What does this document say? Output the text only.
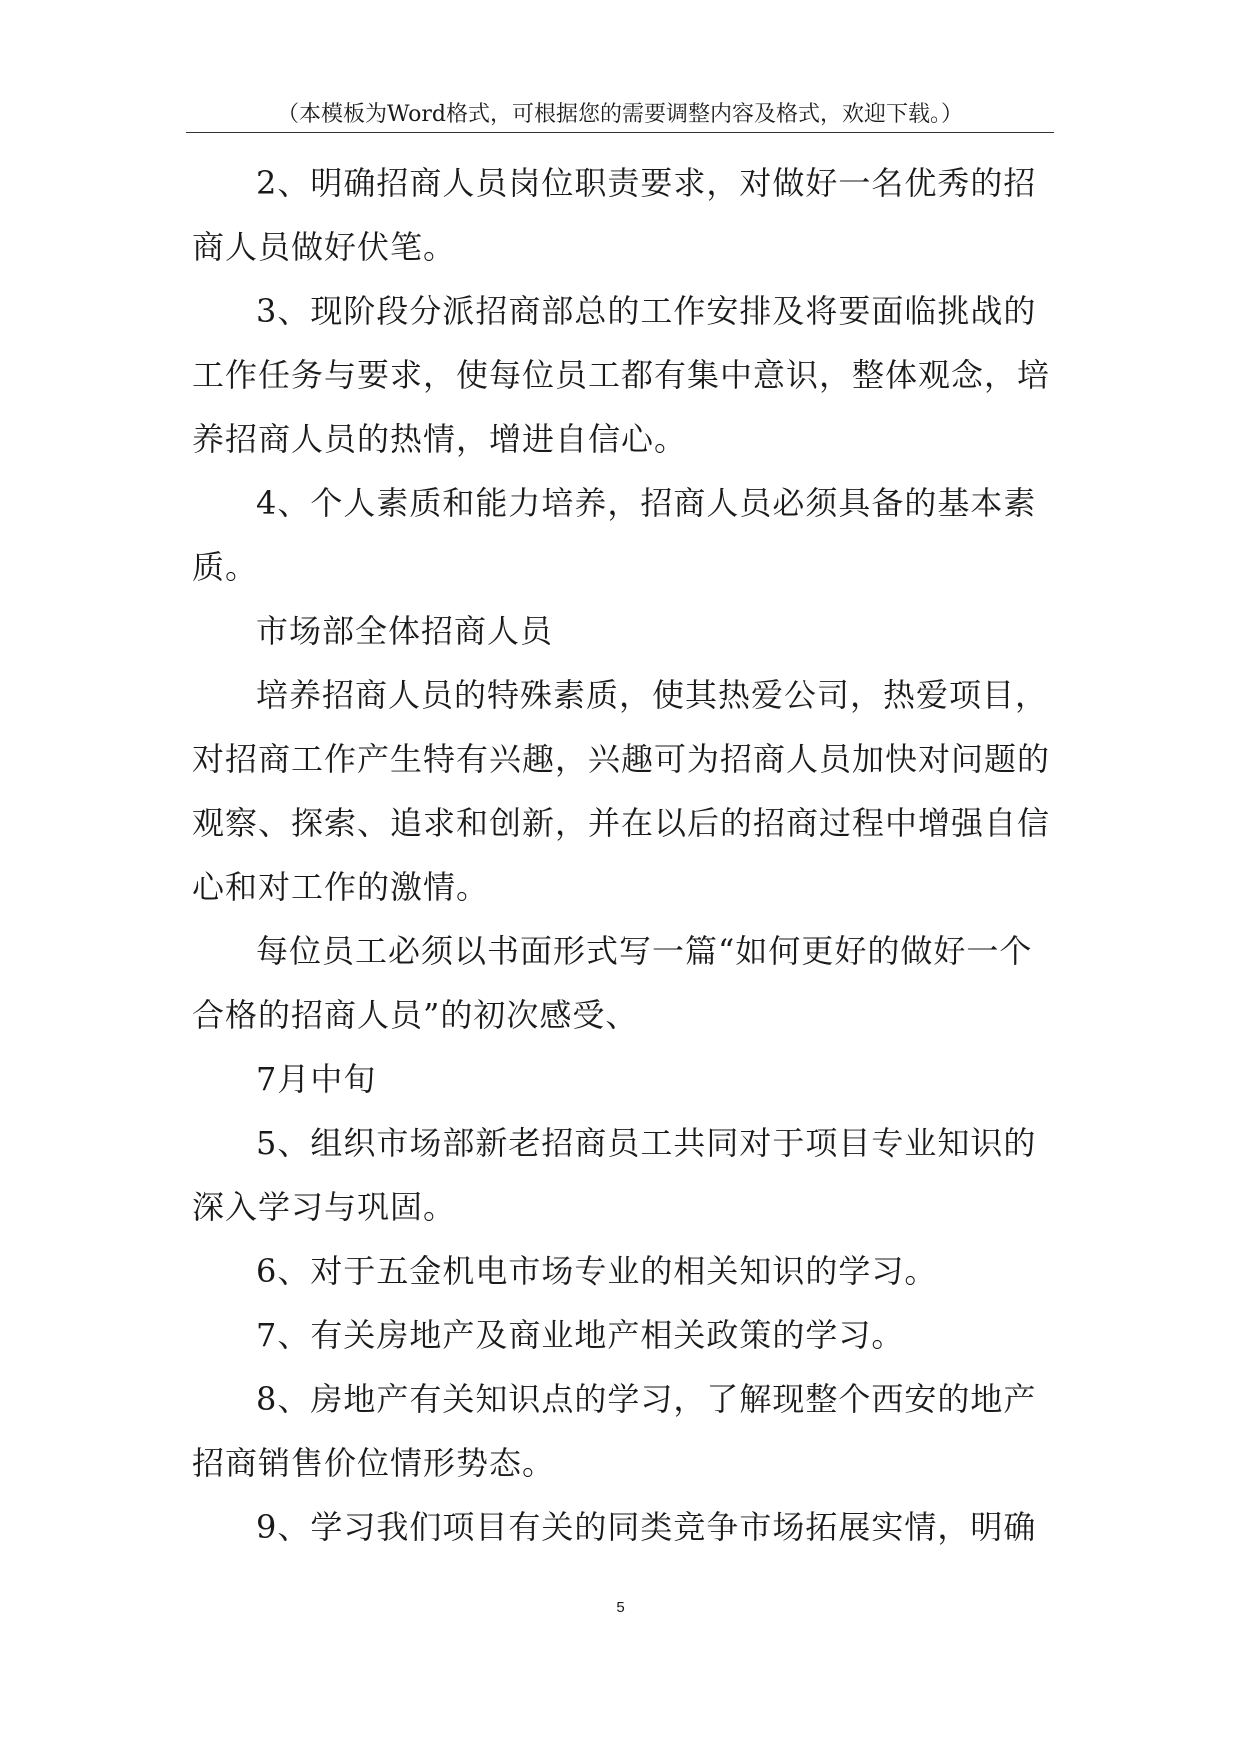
（本模板为Word格式，可根据您的需要调整内容及格式，欢迎下载。）
2、明确招商人员岗位职责要求，对做好一名优秀的招
商人员做好伏笔。
3、现阶段分派招商部总的工作安排及将要面临挑战的
工作任务与要求，使每位员工都有集中意识，整体观念，培
养招商人员的热情，增进自信心。
4、个人素质和能力培养，招商人员必须具备的基本素
质。
市场部全体招商人员
培养招商人员的特殊素质，使其热爱公司，热爱项目，
对招商工作产生特有兴趣，兴趣可为招商人员加快对问题的
观察、探索、追求和创新，并在以后的招商过程中增强自信
心和对工作的激情。
每位员工必须以书面形式写一篇“如何更好的做好一个
合格的招商人员”的初次感受、
7月中旬
5、组织市场部新老招商员工共同对于项目专业知识的
深入学习与巩固。
6、对于五金机电市场专业的相关知识的学习。
7、有关房地产及商业地产相关政策的学习。
8、房地产有关知识点的学习，了解现整个西安的地产
招商销售价位情形势态。
9、学习我们项目有关的同类竞争市场拓展实情，明确
5
